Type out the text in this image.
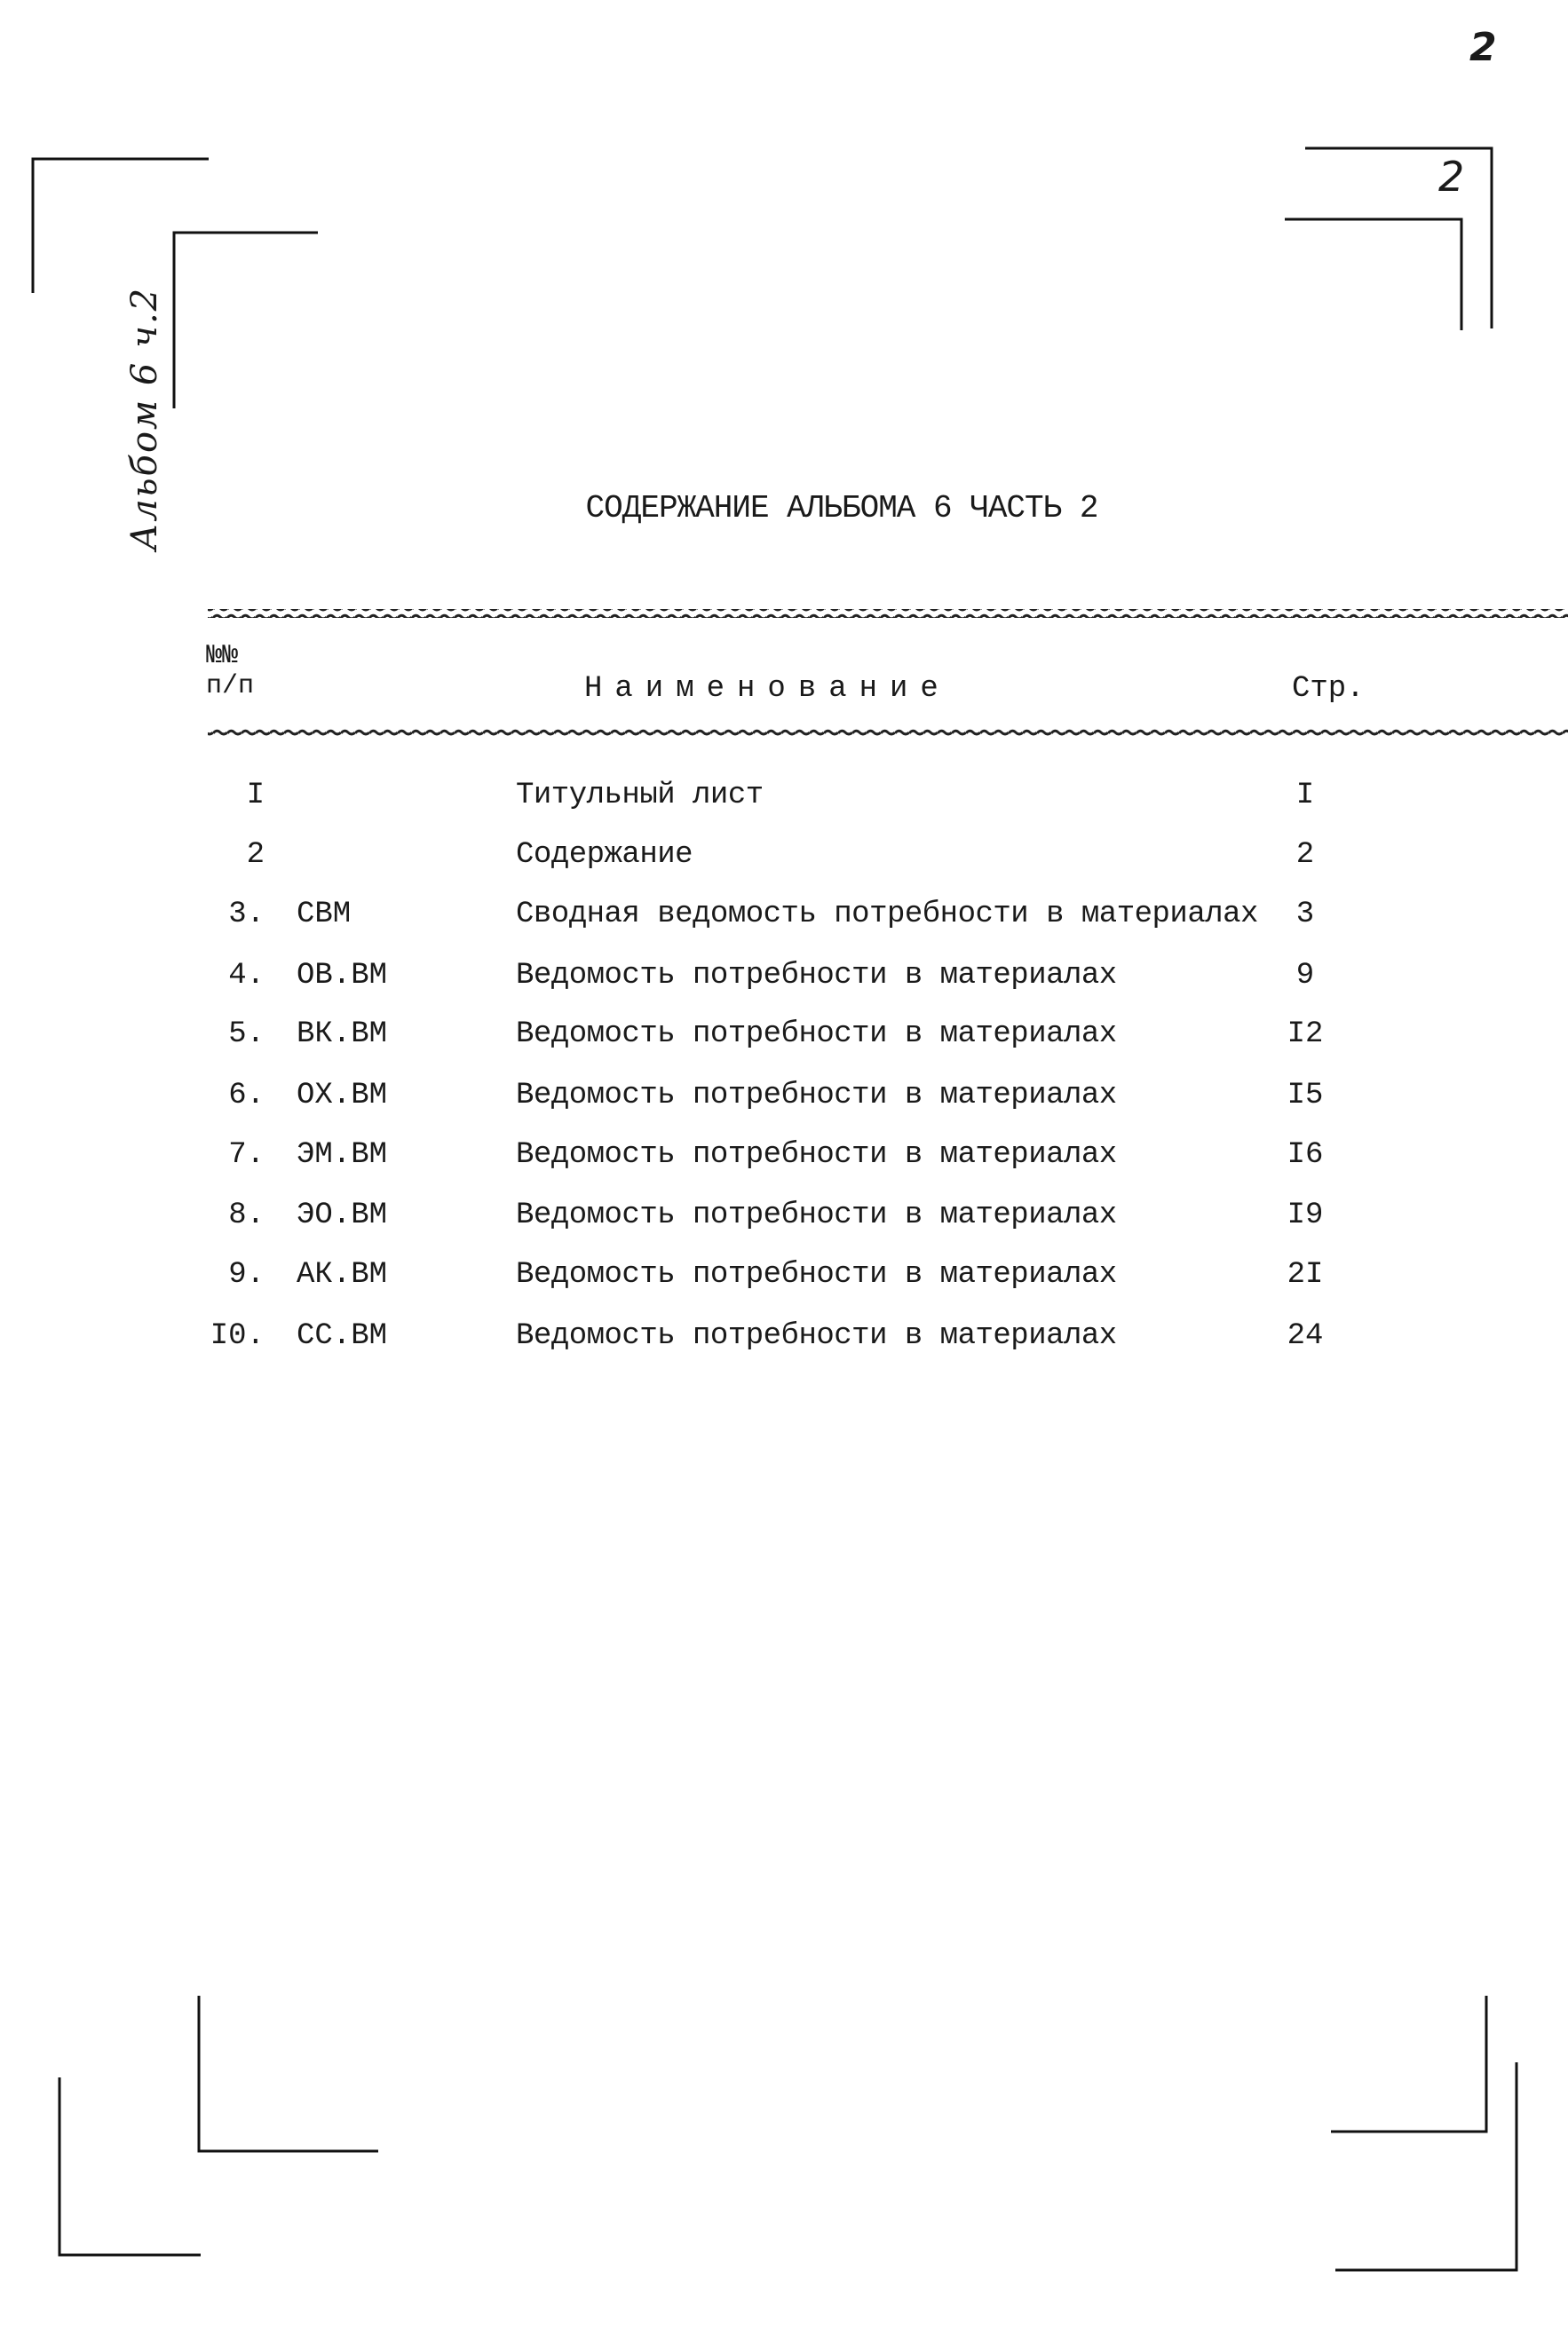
2
2
Альбом 6 ч.2	СОДЕРЖАНИЕ АЛЬБОМА 6 ЧАСТЬ 2
№№
п/п	Наименование	Стр.
I	Титульный лист	I
2	Содержание	2
3. СВМ	Сводная ведомость потребности в материалах	3
4. ОВ.ВМ	Ведомость потребности в материалах	9
5. ВК.ВМ	Ведомость потребности в материалах	I2
6. ОХ.ВМ	Ведомость потребности в материалах	I5
7. ЭМ.ВМ	Ведомость потребности в материалах	I6
8. ЭО.ВМ	Ведомость потребности в материалах	I9
9. АК.ВМ	Ведомость потребности в материалах	2I
I0. СС.ВМ	Ведомость потребности в материалах	24
